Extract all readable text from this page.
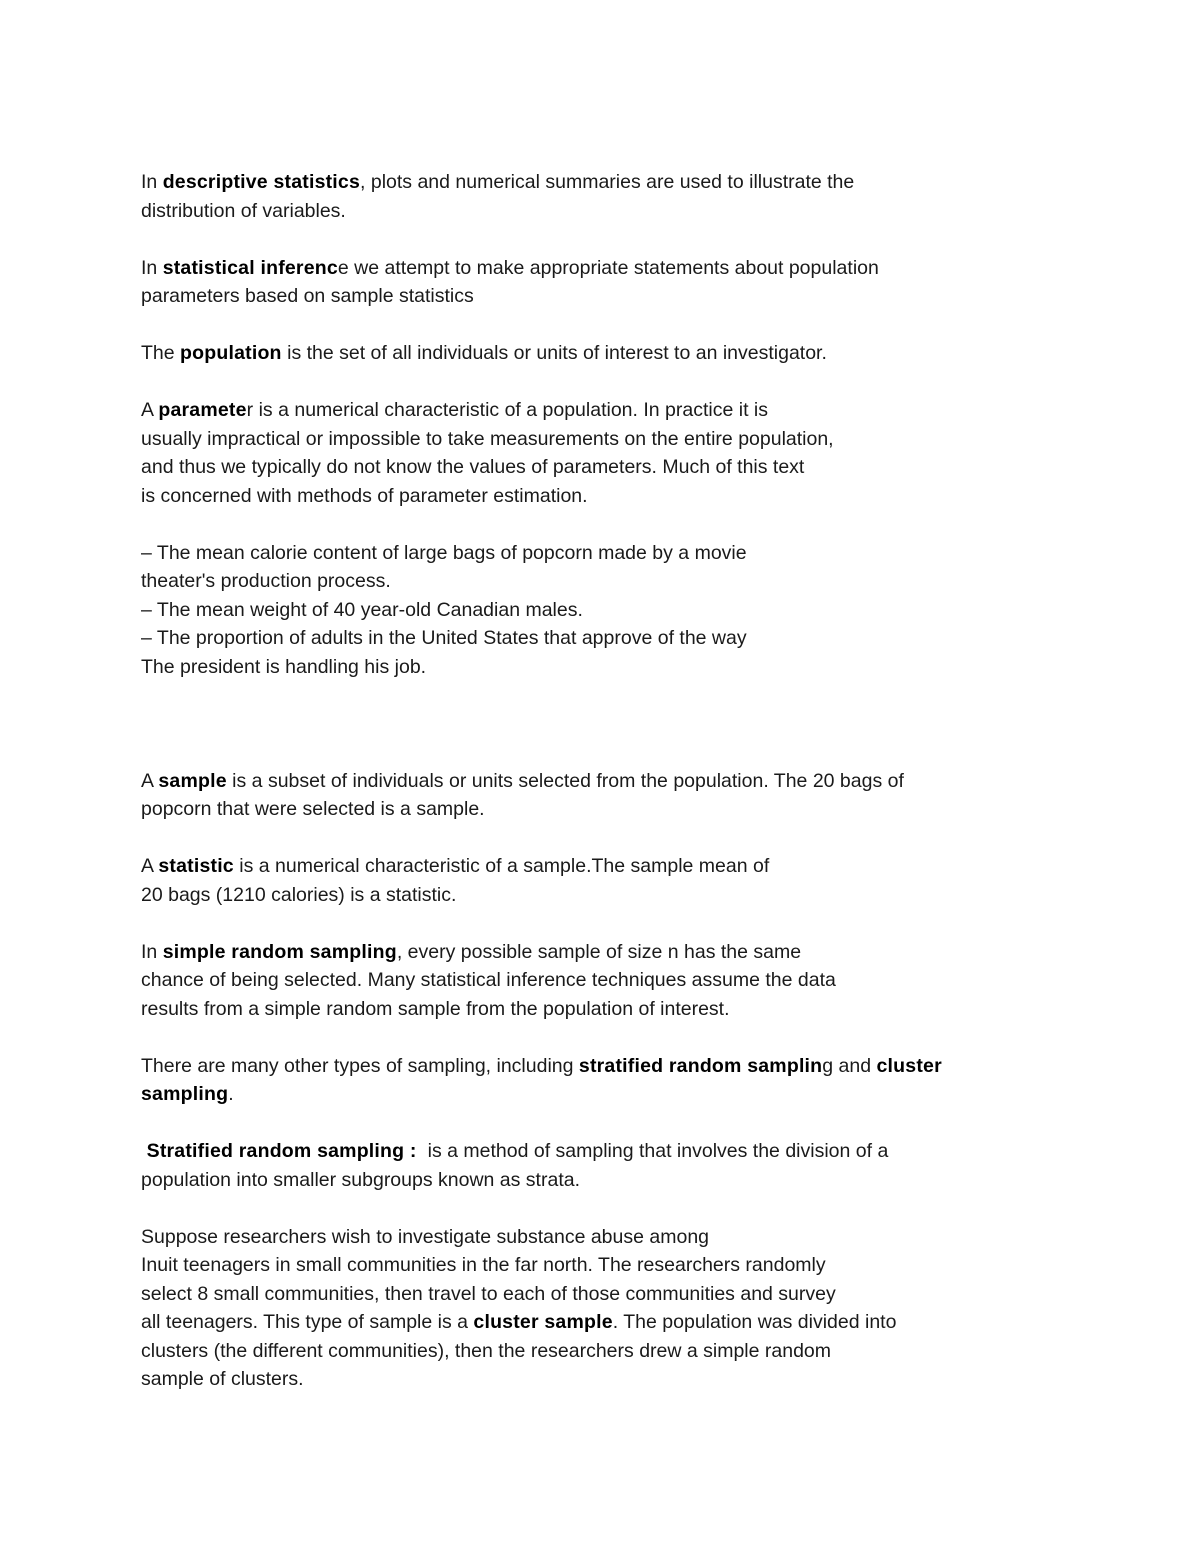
In descriptive statistics, plots and numerical summaries are used to illustrate the
distribution of variables.
In statistical inference we attempt to make appropriate statements about population
parameters based on sample statistics
The population is the set of all individuals or units of interest to an investigator.
A parameter is a numerical characteristic of a population. In practice it is
usually impractical or impossible to take measurements on the entire population,
and thus we typically do not know the values of parameters. Much of this text
is concerned with methods of parameter estimation.
– The mean calorie content of large bags of popcorn made by a movie
theater's production process.
– The mean weight of 40 year-old Canadian males.
– The proportion of adults in the United States that approve of the way
The president is handling his job.
A sample is a subset of individuals or units selected from the population. The 20 bags of
popcorn that were selected is a sample.
A statistic is a numerical characteristic of a sample.The sample mean of
20 bags (1210 calories) is a statistic.
In simple random sampling, every possible sample of size n has the same
chance of being selected. Many statistical inference techniques assume the data
results from a simple random sample from the population of interest.
There are many other types of sampling, including stratified random sampling and cluster
sampling.
Stratified random sampling :  is a method of sampling that involves the division of a
population into smaller subgroups known as strata.
Suppose researchers wish to investigate substance abuse among
Inuit teenagers in small communities in the far north. The researchers randomly
select 8 small communities, then travel to each of those communities and survey
all teenagers. This type of sample is a cluster sample. The population was divided into
clusters (the different communities), then the researchers drew a simple random
sample of clusters.
